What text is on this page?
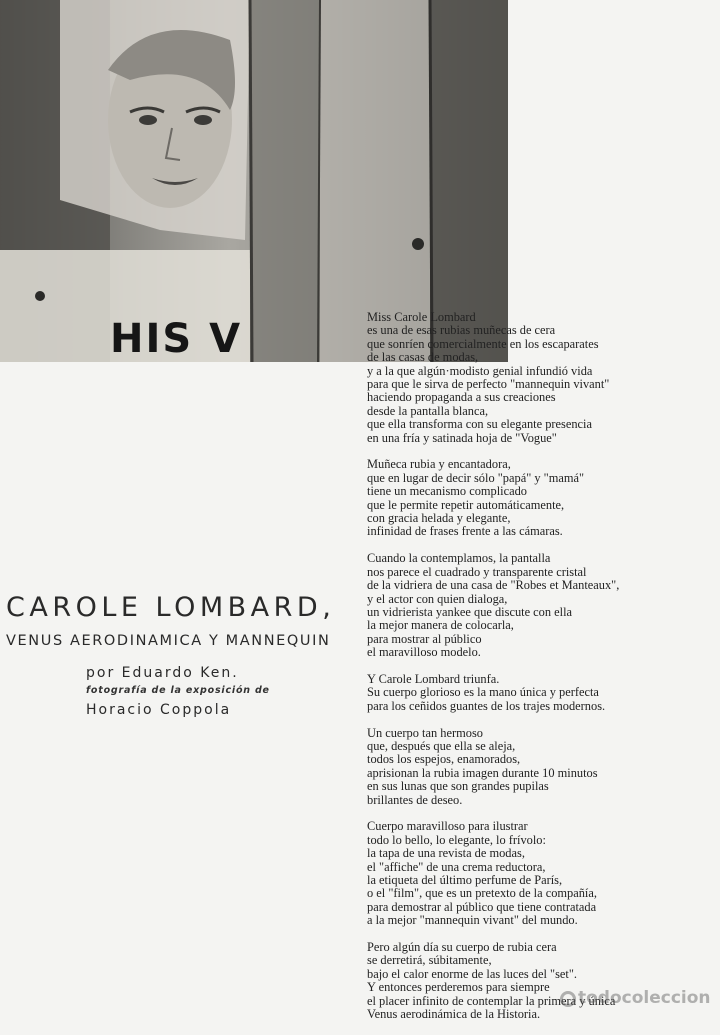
HIS V
CAROLE LOMBARD,
VENUS AERODINAMICA Y MANNEQUIN
por Eduardo Ken.
fotografía de la exposición de
Horacio Coppola
Miss Carole Lombard
es una de esas rubias muñecas de cera
que sonríen comercialmente en los escaparates
de las casas de modas,
y a la que algún·modisto genial infundió vida
para que le sirva de perfecto "mannequin vivant"
haciendo propaganda a sus creaciones
desde la pantalla blanca,
que ella transforma con su elegante presencia
en una fría y satinada hoja de "Vogue"
Muñeca rubia y encantadora,
que en lugar de decir sólo "papá" y "mamá"
tiene un mecanismo complicado
que le permite repetir automáticamente,
con gracia helada y elegante,
infinidad de frases frente a las cámaras.
Cuando la contemplamos, la pantalla
nos parece el cuadrado y transparente cristal
de la vidriera de una casa de "Robes et Manteaux",
y el actor con quien dialoga,
un vidrierista yankee que discute con ella
la mejor manera de colocarla,
para mostrar al público
el maravilloso modelo.
Y Carole Lombard triunfa.
Su cuerpo glorioso es la mano única y perfecta
para los ceñidos guantes de los trajes modernos.
Un cuerpo tan hermoso
que, después que ella se aleja,
todos los espejos, enamorados,
aprisionan la rubia imagen durante 10 minutos
en sus lunas que son grandes pupilas
brillantes de deseo.
Cuerpo maravilloso para ilustrar
todo lo bello, lo elegante, lo frívolo:
la tapa de una revista de modas,
el "affiche" de una crema reductora,
la etiqueta del último perfume de París,
o el "film", que es un pretexto de la compañía,
para demostrar al público que tiene contratada
a la mejor "mannequin vivant" del mundo.
Pero algún día su cuerpo de rubia cera
se derretirá, súbitamente,
bajo el calor enorme de las luces del "set".
Y entonces perderemos para siempre
el placer infinito de contemplar la primera y única
Venus aerodinámica de la Historia.
todocoleccion
